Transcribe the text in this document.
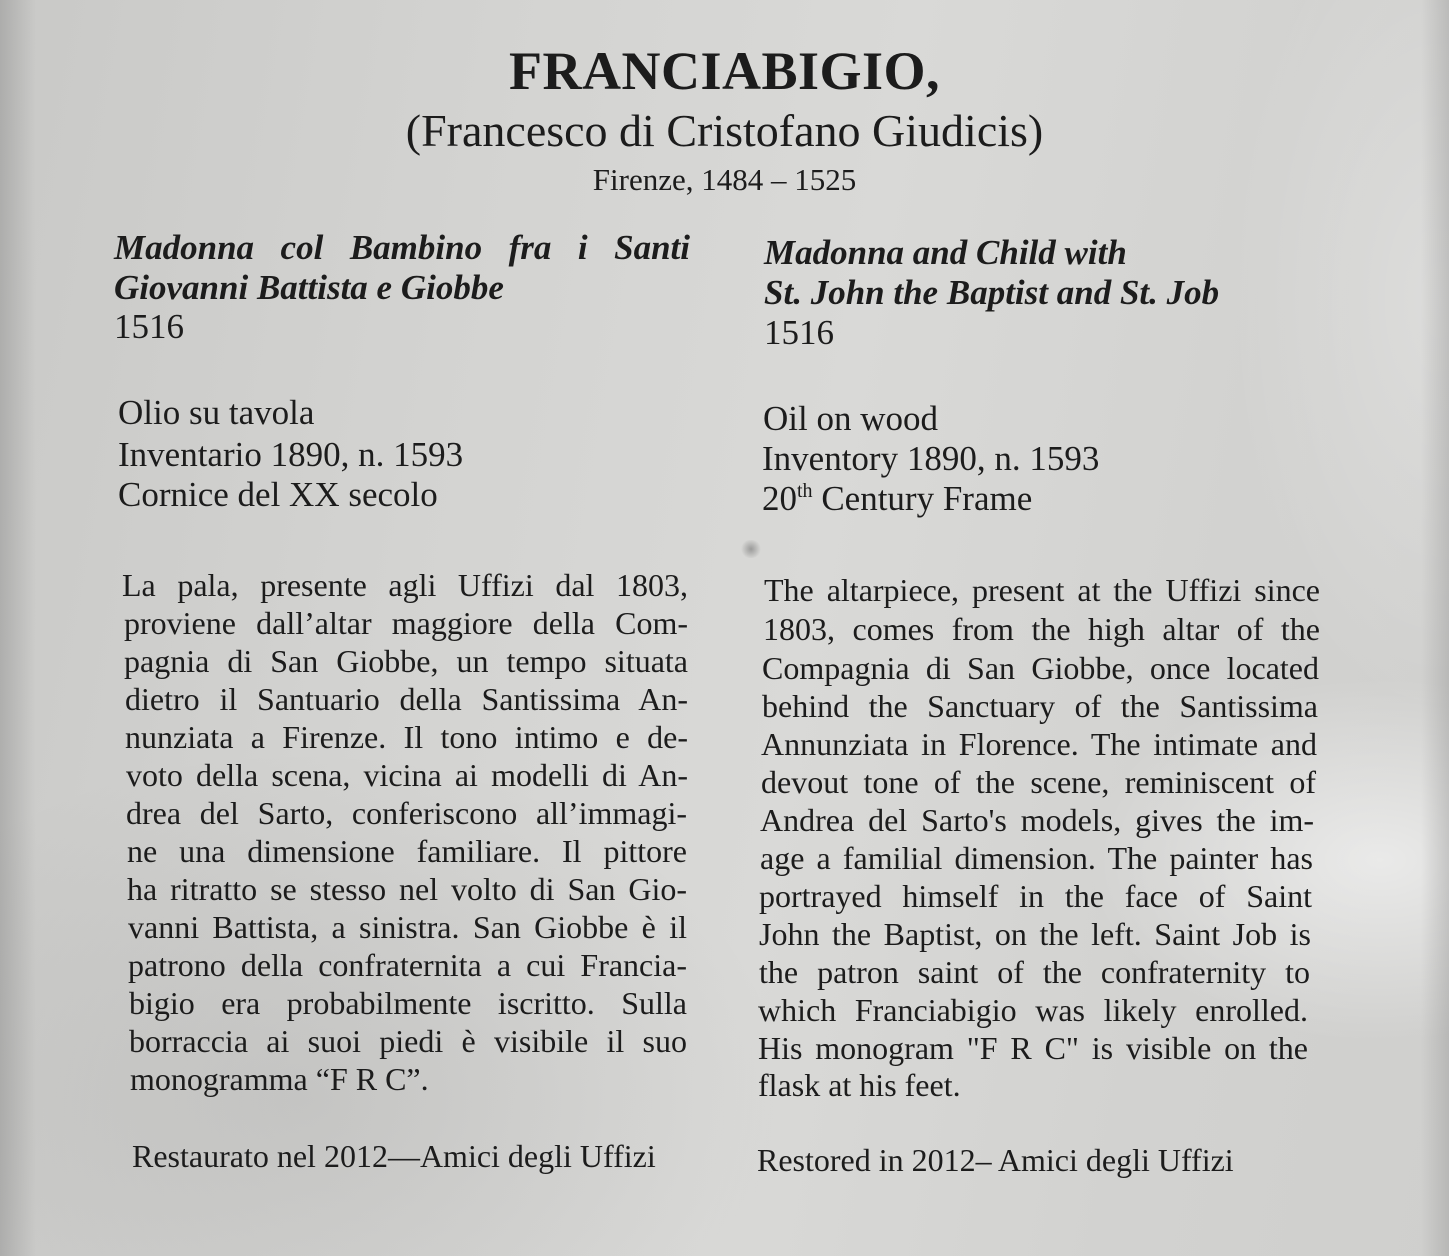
FRANCIABIGIO,

(Francesco di Cristofano Giudicis)

Firenze, 1484 – 1525

Madonna col Bambino fra i Santi

Giovanni Battista e Giobbe

1516

Olio su tavola

Inventario 1890, n. 1593

Cornice del XX secolo

La pala, presente agli Uffizi dal 1803,

proviene dall’altar maggiore della Com-

pagnia di San Giobbe, un tempo situata

dietro il Santuario della Santissima An-

nunziata a Firenze. Il tono intimo e de-

voto della scena, vicina ai modelli di An-

drea del Sarto, conferiscono all’immagi-

ne una dimensione familiare. Il pittore

ha ritratto se stesso nel volto di San Gio-

vanni Battista, a sinistra. San Giobbe è il

patrono della confraternita a cui Francia-

bigio era probabilmente iscritto. Sulla

borraccia ai suoi piedi è visibile il suo

monogramma “F R C”.

Restaurato nel 2012—Amici degli Uffizi

Madonna and Child with

St. John the Baptist and St. Job

1516

Oil on wood

Inventory 1890, n. 1593

20th Century Frame

The altarpiece, present at the Uffizi since

1803, comes from the high altar of the

Compagnia di San Giobbe, once located

behind the Sanctuary of the Santissima

Annunziata in Florence. The intimate and

devout tone of the scene, reminiscent of

Andrea del Sarto's models, gives the im-

age a familial dimension. The painter has

portrayed himself in the face of Saint

John the Baptist, on the left. Saint Job is

the patron saint of the confraternity to

which Franciabigio was likely enrolled.

His monogram "F R C" is visible on the

flask at his feet.

Restored in 2012– Amici degli Uffizi
